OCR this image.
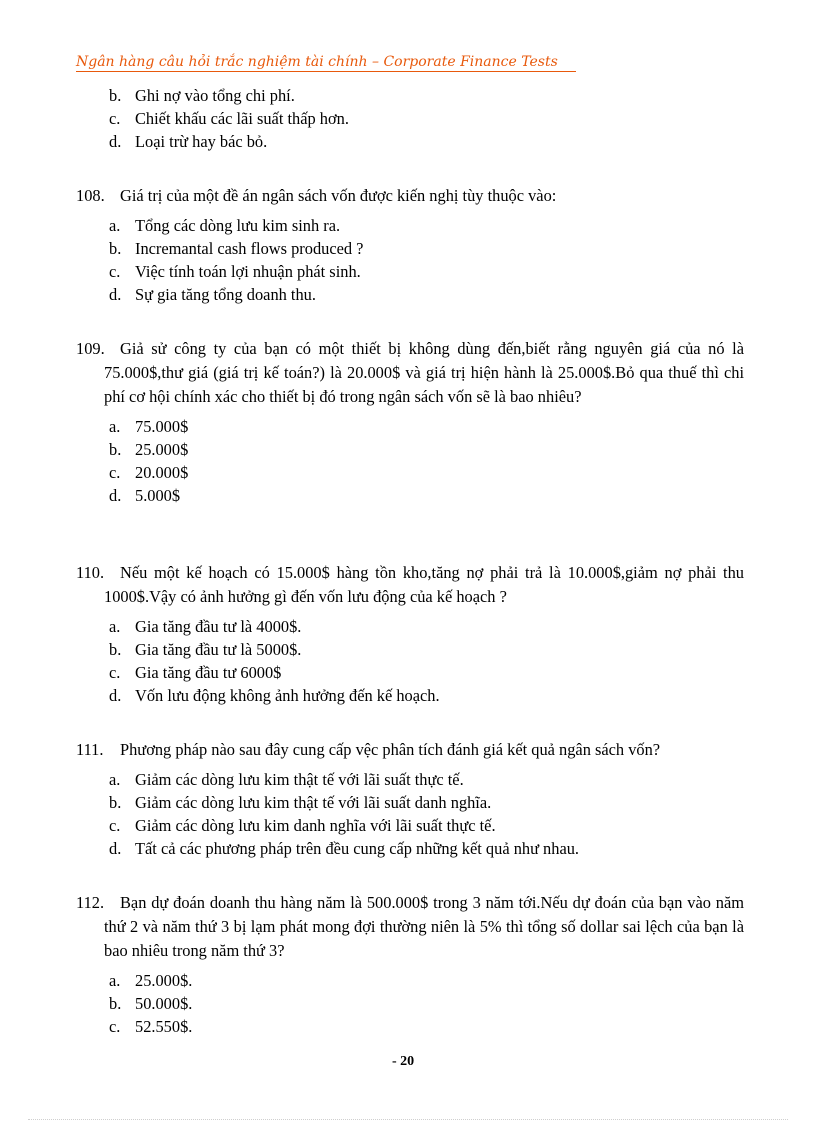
Ngân hàng câu hỏi trắc nghiệm tài chính – Corporate Finance Tests
b. Ghi nợ vào tổng chi phí.
c. Chiết khấu các lãi suất thấp hơn.
d. Loại trừ hay bác bỏ.
108. Giá trị của một đề án ngân sách vốn được kiến nghị tùy thuộc vào:
a. Tổng các dòng lưu kim sinh ra.
b. Incremantal cash flows produced ?
c. Việc tính toán lợi nhuận phát sinh.
d. Sự gia tăng tổng doanh thu.
109. Giả sử công ty của bạn có một thiết bị không dùng đến,biết rằng nguyên giá của nó là 75.000$,thư giá (giá trị kế toán?) là 20.000$ và giá trị hiện hành là 25.000$.Bỏ qua thuế thì chi phí cơ hội chính xác cho thiết bị đó trong ngân sách vốn sẽ là bao nhiêu?
a. 75.000$
b. 25.000$
c. 20.000$
d. 5.000$
110. Nếu một kế hoạch có 15.000$ hàng tồn kho,tăng nợ phải trả là 10.000$,giảm nợ phải thu 1000$.Vậy có ảnh hưởng gì đến vốn lưu động của kế hoạch ?
a. Gia tăng đầu tư là 4000$.
b. Gia tăng đầu tư là 5000$.
c. Gia tăng đầu tư 6000$
d. Vốn lưu động không ảnh hưởng đến kế hoạch.
111. Phương pháp nào sau đây cung cấp vệc phân tích đánh giá kết quả ngân sách vốn?
a. Giảm các dòng lưu kim thật tế với lãi suất thực tế.
b. Giảm các dòng lưu kim thật tế với lãi suất danh nghĩa.
c. Giảm các dòng lưu kim danh nghĩa với lãi suất thực tế.
d. Tất cả các phương pháp trên đều cung cấp những kết quả như nhau.
112. Bạn dự đoán doanh thu hàng năm là 500.000$ trong 3 năm tới.Nếu dự đoán của bạn vào năm thứ 2 và năm thứ 3 bị lạm phát mong đợi thường niên là 5% thì tổng số dollar sai lệch của bạn là bao nhiêu trong năm thứ 3?
a. 25.000$.
b. 50.000$.
c. 52.550$.
- 20
